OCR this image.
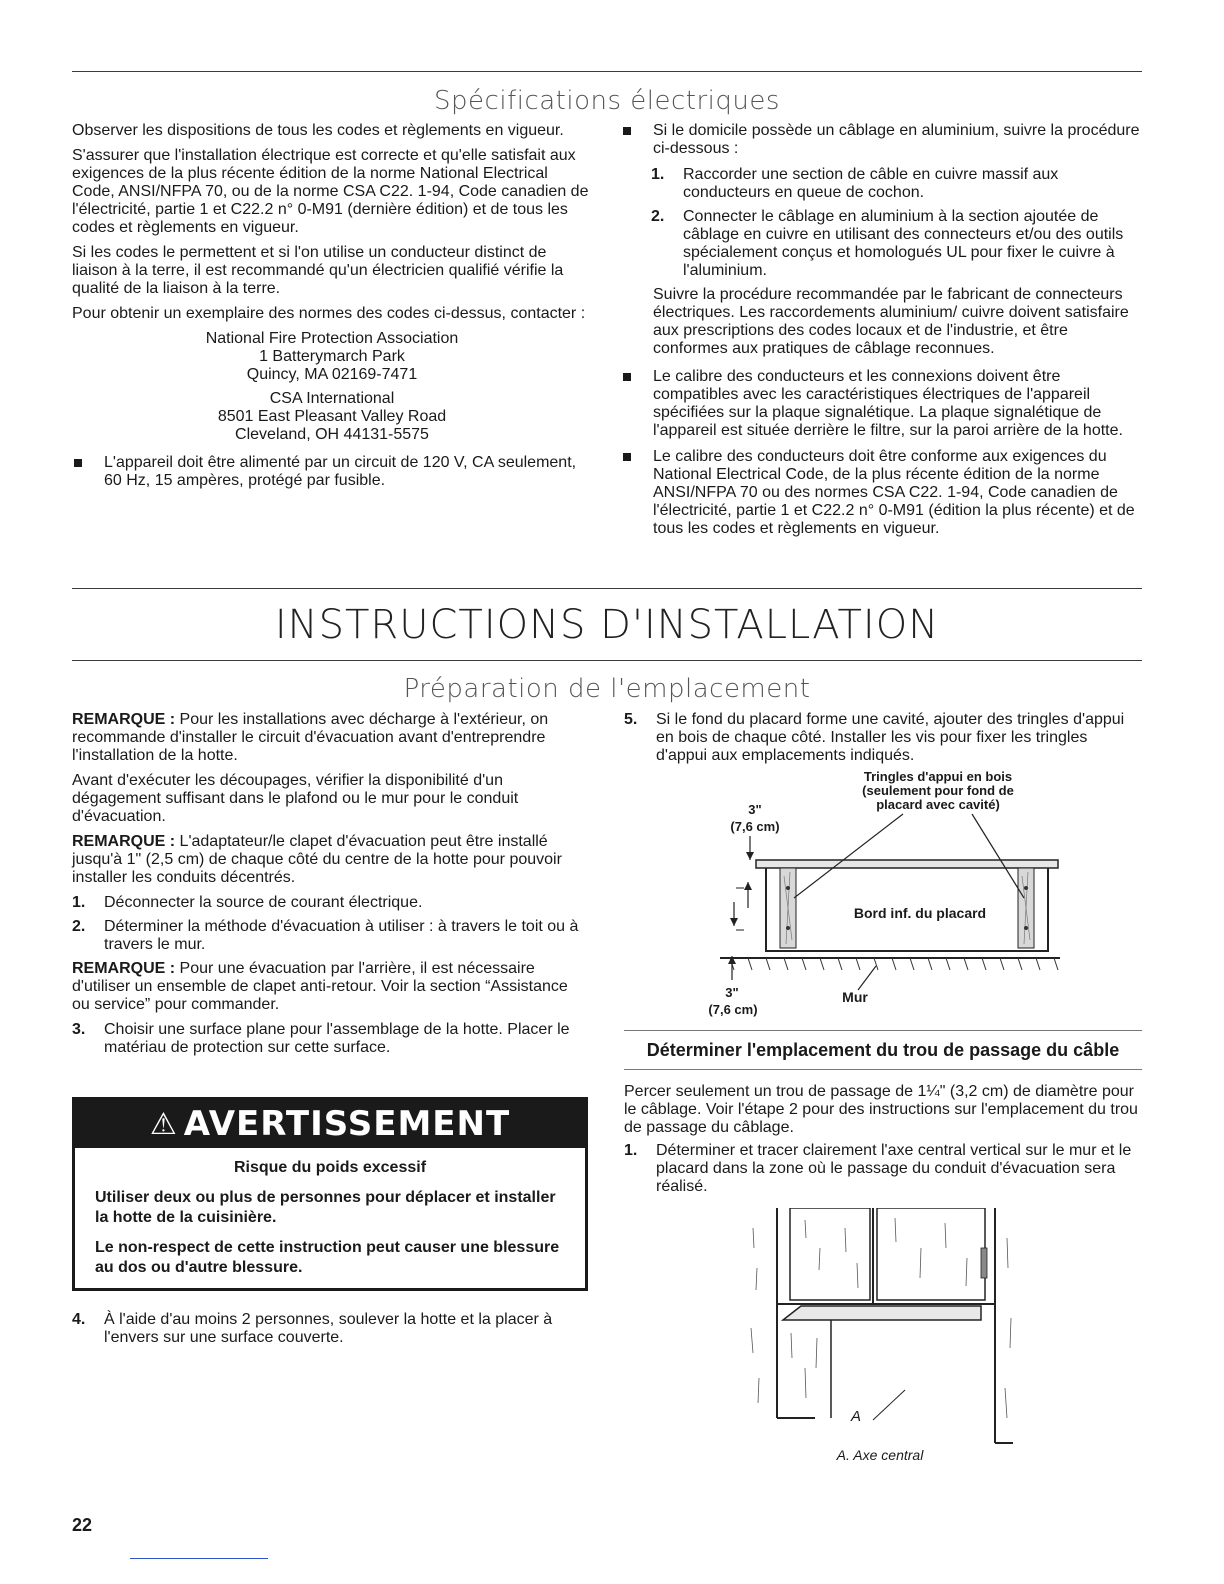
Spécifications électriques

Observer les dispositions de tous les codes et règlements en vigueur.

S'assurer que l'installation électrique est correcte et qu'elle satisfait aux exigences de la plus récente édition de la norme National Electrical Code, ANSI/NFPA 70, ou de la norme CSA C22. 1-94, Code canadien de l'électricité, partie 1 et C22.2 n° 0-M91 (dernière édition) et de tous les codes et règlements en vigueur.

Si les codes le permettent et si l'on utilise un conducteur distinct de liaison à la terre, il est recommandé qu'un électricien qualifié vérifie la qualité de la liaison à la terre.

Pour obtenir un exemplaire des normes des codes ci-dessus, contacter :

National Fire Protection Association
1 Batterymarch Park
Quincy, MA 02169-7471
CSA International
8501 East Pleasant Valley Road
Cleveland, OH 44131-5575
L'appareil doit être alimenté par un circuit de 120 V, CA seulement, 60 Hz, 15 ampères, protégé par fusible.
Si le domicile possède un câblage en aluminium, suivre la procédure ci-dessous :
1. Raccorder une section de câble en cuivre massif aux conducteurs en queue de cochon.
2. Connecter le câblage en aluminium à la section ajoutée de câblage en cuivre en utilisant des connecteurs et/ou des outils spécialement conçus et homologués UL pour fixer le cuivre à l'aluminium.

Suivre la procédure recommandée par le fabricant de connecteurs électriques. Les raccordements aluminium/ cuivre doivent satisfaire aux prescriptions des codes locaux et de l'industrie, et être conformes aux pratiques de câblage reconnues.

Le calibre des conducteurs et les connexions doivent être compatibles avec les caractéristiques électriques de l'appareil spécifiées sur la plaque signalétique. La plaque signalétique de l'appareil est située derrière le filtre, sur la paroi arrière de la hotte.
Le calibre des conducteurs doit être conforme aux exigences du National Electrical Code, de la plus récente édition de la norme ANSI/NFPA 70 ou des normes CSA C22. 1-94, Code canadien de l'électricité, partie 1 et C22.2 n° 0-M91 (édition la plus récente) et de tous les codes et règlements en vigueur.
INSTRUCTIONS D'INSTALLATION
Préparation de l'emplacement

REMARQUE : Pour les installations avec décharge à l'extérieur, on recommande d'installer le circuit d'évacuation avant d'entreprendre l'installation de la hotte.

Avant d'exécuter les découpages, vérifier la disponibilité d'un dégagement suffisant dans le plafond ou le mur pour le conduit d'évacuation.

REMARQUE : L'adaptateur/le clapet d'évacuation peut être installé jusqu'à 1" (2,5 cm) de chaque côté du centre de la hotte pour pouvoir installer les conduits décentrés.

1. Déconnecter la source de courant électrique.
2. Déterminer la méthode d'évacuation à utiliser : à travers le toit ou à travers le mur.

REMARQUE : Pour une évacuation par l'arrière, il est nécessaire d'utiliser un ensemble de clapet anti-retour. Voir la section “Assistance ou service” pour commander.

3. Choisir une surface plane pour l'assemblage de la hotte. Placer le matériau de protection sur cette surface.
⚠ AVERTISSEMENT
Risque du poids excessif
Utiliser deux ou plus de personnes pour déplacer et installer la hotte de la cuisinière.
Le non-respect de cette instruction peut causer une blessure au dos ou d'autre blessure.
4. À l'aide d'au moins 2 personnes, soulever la hotte et la placer à l'envers sur une surface couverte.
5. Si le fond du placard forme une cavité, ajouter des tringles d'appui en bois de chaque côté. Installer les vis pour fixer les tringles d'appui aux emplacements indiqués.
Tringles d'appui en bois (seulement pour fond de placard avec cavité)
3"
(7,6 cm)
Bord inf. du placard
3"
(7,6 cm)
Mur
Déterminer l'emplacement du trou de passage du câble

Percer seulement un trou de passage de 1¼" (3,2 cm) de diamètre pour le câblage. Voir l'étape 2 pour des instructions sur l'emplacement du trou de passage du câblage.

1. Déterminer et tracer clairement l'axe central vertical sur le mur et le placard dans la zone où le passage du conduit d'évacuation sera réalisé.
A
A. Axe central
22
